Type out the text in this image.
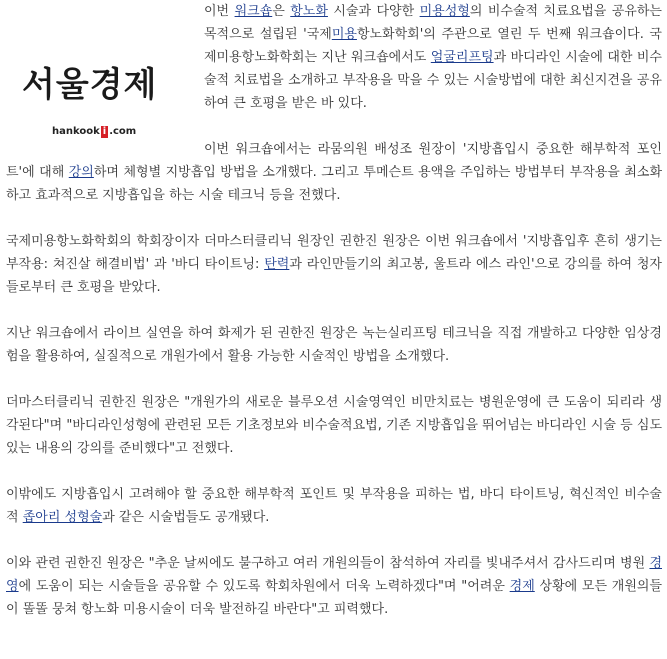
서울경제
hankook i .com

이번 워크숍은 항노화 시술과 다양한 미용성형의 비수술적 치료요법을 공유하는 목적으로 설립된 '국제미용항노화학회'의 주관으로 열린 두 번째 워크숍이다. 국제미용항노화학회는 지난 워크숍에서도 얼굴리프팅과 바디라인 시술에 대한 비수술적 치료법을 소개하고 부작용을 막을 수 있는 시술방법에 대한 최신지견을 공유하여 큰 호평을 받은 바 있다.

이번 워크숍에서는 라뭄의원 배성조 원장이 '지방흡입시 중요한 해부학적 포인트'에 대해 강의하며 체형별 지방흡입 방법을 소개했다. 그리고 투메슨트 용액을 주입하는 방법부터 부작용을 최소화하고 효과적으로 지방흡입을 하는 시술 테크닉 등을 전했다.

국제미용항노화학회의 학회장이자 더마스터클리닉 원장인 권한진 원장은 이번 워크숍에서 '지방흡입후 흔히 생기는 부작용: 쳐진살 해결비법' 과 '바디 타이트닝: 탄력과 라인만들기의 최고봉, 울트라 에스 라인'으로 강의를 하여 청자들로부터 큰 호평을 받았다.

지난 워크숍에서 라이브 실연을 하여 화제가 된 권한진 원장은 녹는실리프팅 테크닉을 직접 개발하고 다양한 임상경험을 활용하여, 실질적으로 개원가에서 활용 가능한 시술적인 방법을 소개했다.

더마스터클리닉 권한진 원장은 "개원가의 새로운 블루오션 시술영역인 비만치료는 병원운영에 큰 도움이 되리라 생각된다"며 "바디라인성형에 관련된 모든 기초정보와 비수술적요법, 기존 지방흡입을 뛰어넘는 바디라인 시술 등 심도있는 내용의 강의를 준비했다"고 전했다.

이밖에도 지방흡입시 고려해야 할 중요한 해부학적 포인트 및 부작용을 피하는 법, 바디 타이트닝, 혁신적인 비수술적 좁아리 성형술과 같은 시술법들도 공개됐다.

이와 관련 권한진 원장은 "추운 날씨에도 불구하고 여러 개원의들이 참석하여 자리를 빛내주셔서 감사드리며 병원 경영에 도움이 되는 시술들을 공유할 수 있도록 학회차원에서 더욱 노력하겠다"며 "어려운 경제 상황에 모든 개원의들이 똘똘 뭉쳐 항노화 미용시술이 더욱 발전하길 바란다"고 피력했다.
